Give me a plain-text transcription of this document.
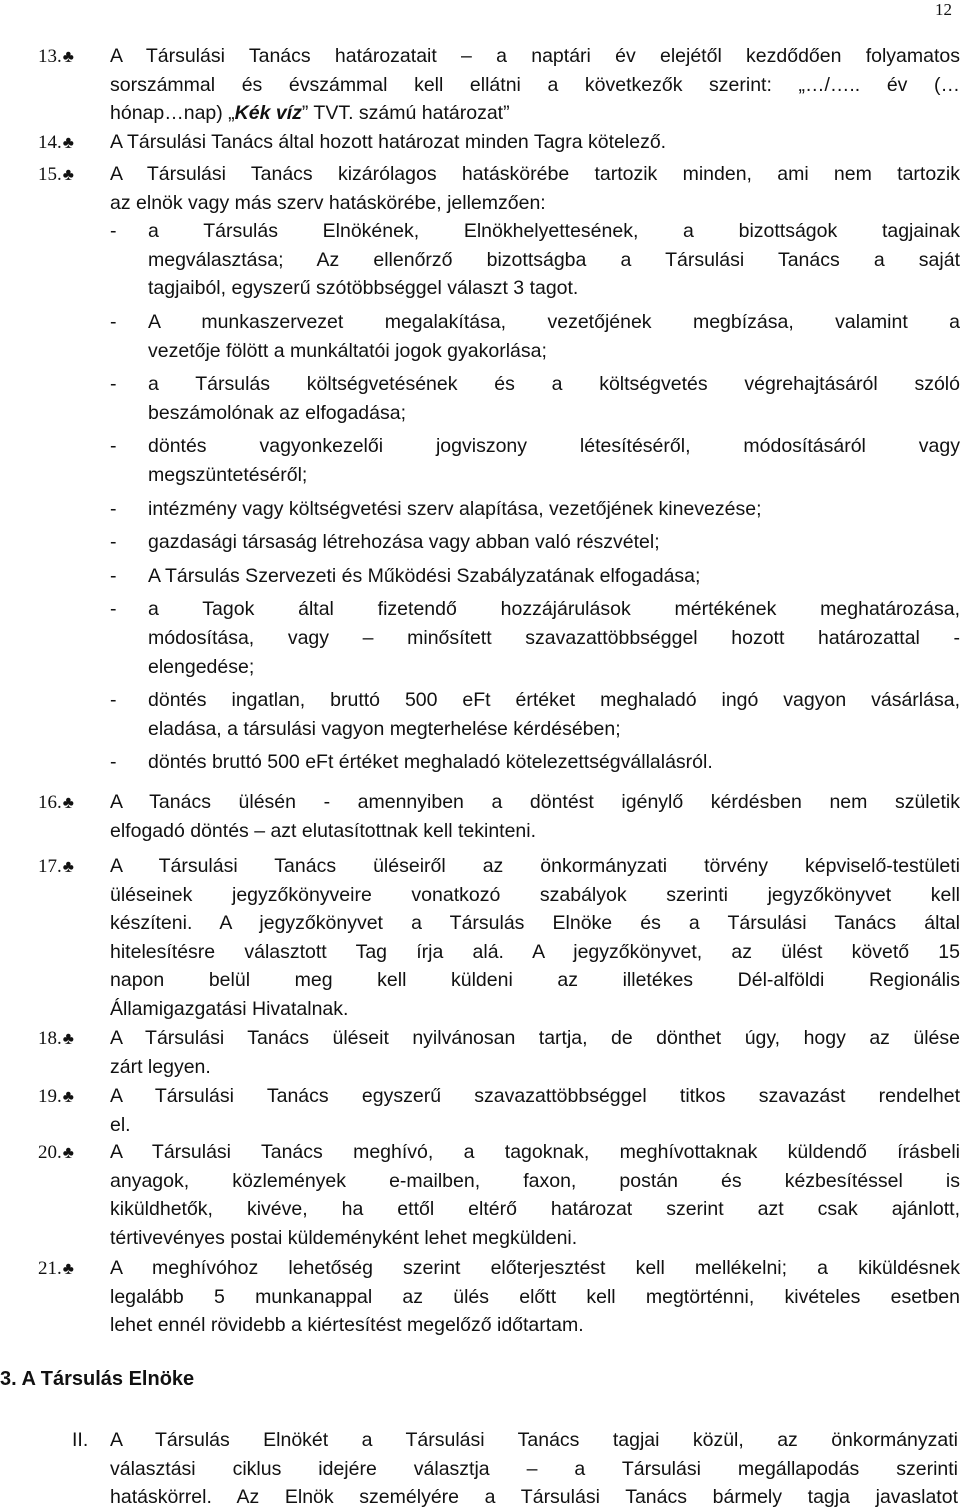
12
13.♣ A Társulási Tanács határozatait – a naptári év elejétől kezdődően folyamatos
sorszámmal és évszámmal kell ellátni a következők szerint: „…/….. év (…
hónap…nap) „Kék víz” TVT. számú határozat”
14.♣ A Társulási Tanács által hozott határozat minden Tagra kötelező.
15.♣ A Társulási Tanács kizárólagos hatáskörébe tartozik minden, ami nem tartozik
az elnök vagy más szerv hatáskörébe, jellemzően:
- a Társulás Elnökének, Elnökhelyettesének, a bizottságok tagjainak
megválasztása; Az ellenőrző bizottságba a Társulási Tanács a saját
tagjaiból, egyszerű szótöbbséggel választ 3 tagot.
- A munkaszervezet megalakítása, vezetőjének megbízása, valamint a
vezetője fölött a munkáltatói jogok gyakorlása;
- a Társulás költségvetésének és a költségvetés végrehajtásáról szóló
beszámolónak az elfogadása;
- döntés vagyonkezelői jogviszony létesítéséről, módosításáról vagy
megszüntetéséről;
- intézmény vagy költségvetési szerv alapítása, vezetőjének kinevezése;
- gazdasági társaság létrehozása vagy abban való részvétel;
- A Társulás Szervezeti és Működési Szabályzatának elfogadása;
- a Tagok által fizetendő hozzájárulások mértékének meghatározása,
módosítása, vagy – minősített szavazattöbbséggel hozott határozattal -
elengedése;
- döntés ingatlan, bruttó 500 eFt értéket meghaladó ingó vagyon vásárlása,
eladása, a társulási vagyon megterhelése kérdésében;
- döntés bruttó 500 eFt értéket meghaladó kötelezettségvállalásról.
16.♣ A Tanács ülésén - amennyiben a döntést igénylő kérdésben nem születik
elfogadó döntés – azt elutasítottnak kell tekinteni.
17.♣ A Társulási Tanács üléseiről az önkormányzati törvény képviselő-testületi
üléseinek jegyzőkönyveire vonatkozó szabályok szerinti jegyzőkönyvet kell
készíteni. A jegyzőkönyvet a Társulás Elnöke és a Társulási Tanács által
hitelesítésre választott Tag írja alá. A jegyzőkönyvet, az ülést követő 15
napon belül meg kell küldeni az illetékes Dél-alföldi Regionális
Államigazgatási Hivatalnak.
18.♣ A Társulási Tanács üléseit nyilvánosan tartja, de dönthet úgy, hogy az ülése
zárt legyen.
19.♣ A Társulási Tanács egyszerű szavazattöbbséggel titkos szavazást rendelhet
el.
20.♣ A Társulási Tanács meghívó, a tagoknak, meghívottaknak küldendő írásbeli
anyagok, közlemények e-mailben, faxon, postán és kézbesítéssel is
kiküldhetők, kivéve, ha ettől eltérő határozat szerint azt csak ajánlott,
tértivevényes postai küldeményként lehet megküldeni.
21.♣ A meghívóhoz lehetőség szerint előterjesztést kell mellékelni; a kiküldésnek
legalább 5 munkanappal az ülés előtt kell megtörténni, kivételes esetben
lehet ennél rövidebb a kiértesítést megelőző időtartam.
3. A Társulás Elnöke
II. A Társulás Elnökét a Társulási Tanács tagjai közül, az önkormányzati
választási ciklus idejére választja – a Társulási megállapodás szerinti
hatáskörrel. Az Elnök személyére a Társulási Tanács bármely tagja javaslatot
